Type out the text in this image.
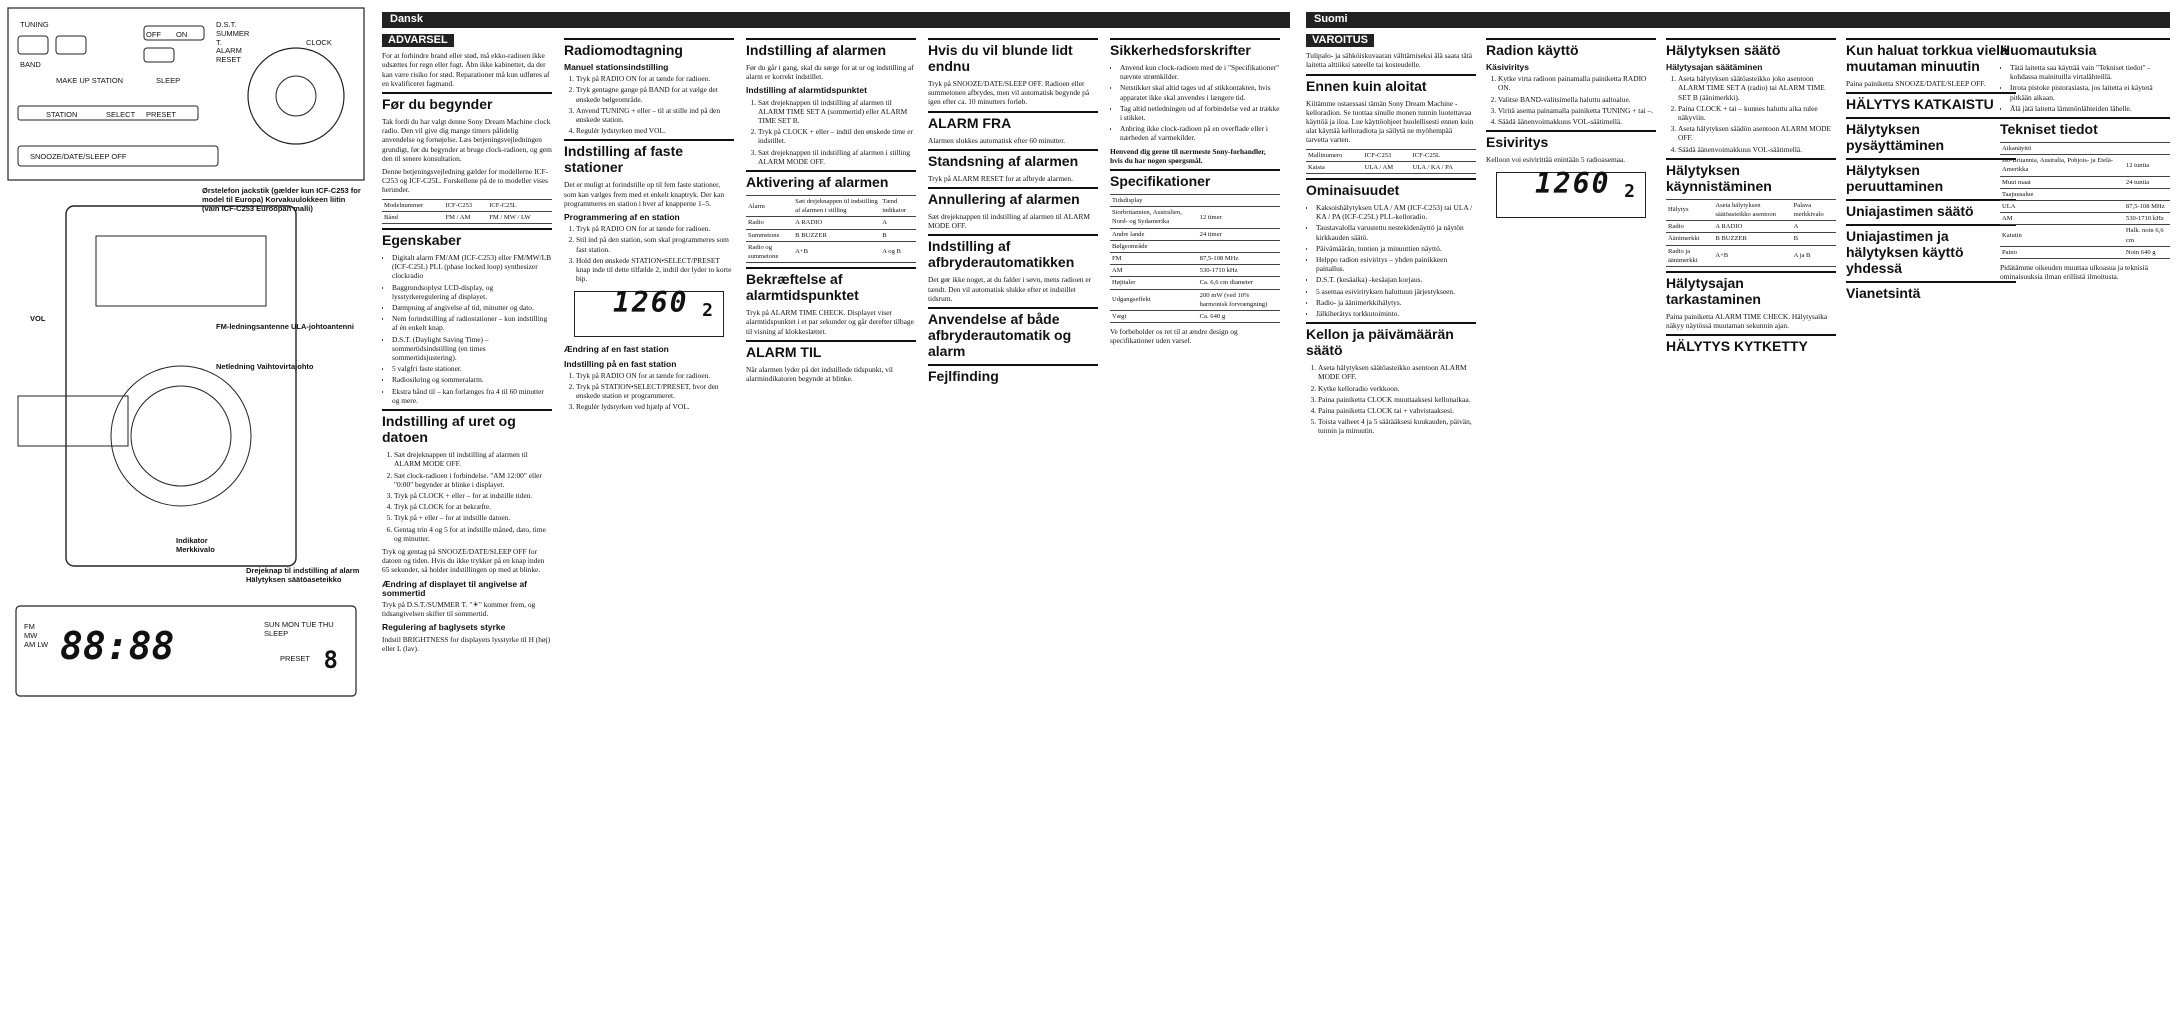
TUNING
OFF ON
D.S.T. SUMMER T.
ALARM RESET
CLOCK
BAND
MAKE UP STATION	SLEEP
STATION	SELECT PRESET
SNOOZE/DATE/SLEEP OFF
Ørstelefon jackstik (gælder kun ICF-C253 for model til Europa) Korvakuulokkeen liitin (vain ICF-C253 Euroopan malli)
VOL
FM-ledningsantenne ULA-johtoantenni
Netledning Vaihtovirtajohto
Indikator Merkkivalo
Drejeknap til indstilling af alarm Hälytyksen säätöaseteikko
FM MW AM LW 88:88	SUN MON TUE THU SLEEP
PRESET 8
Dansk
ADVARSEL

For at forhindre brand eller stød, må ekko-radioen ikke udsættes for regn eller fugt. Åbn ikke kabinettet, da der kan være risiko for stød. Reparationer må kun udføres af en kvalificeret fagmand.

Før du begynder

Tak fordi du har valgt denne Sony Dream Machine clock radio. Den vil give dig mange timers pålidelig anvendelse og fornøjelse. Læs betjeningsvejledningen grundigt, før du begynder at bruge clock-radioen, og gem den til senere konsultation.

Denne betjeningsvejledning gælder for modellerne ICF-C253 og ICF-C25L. Forskellene på de to modeller vises herunder.

Modelnummer	ICF-C253	ICF-C25L
Bånd	FM / AM	FM / MW / LW
Egenskaber
• Digitalt alarm FM/AM (ICF-C253) eller FM/MW/LB (ICF-C25L) PLL (phase locked loop) synthesizer clockradio
• Baggrundsoplyst LCD-display, og lysstyrkeregulering af displayet.
• Dæmpning af angivelse af tid, minutter og dato.
• Nem forindstilling af radiostationer – kun indstilling af én enkelt knap.
• D.S.T. (Daylight Saving Time) – sommertidsindstilling (en times sommertidsjustering).
• 5 valgfri faste stationer.
• Radiosikring og sommeralarm.
• Ekstra bånd til – kan forlænges fra 4 til 60 minutter og mere.
Indstilling af uret og datoen
1. Sæt drejeknappen til indstilling af alarmen til ALARM MODE OFF.
2. Sæt clock-radioen i forbindelse. "AM 12:00" eller "0:00" begynder at blinke i displayet.
3. Tryk på CLOCK + eller – for at indstille tiden.
4. Tryk på CLOCK for at bekræfte.
5. Tryk på + eller – for at indstille datoen.
6. Gentag trin 4 og 5 for at indstille måned, dato, time og minutter.

Tryk og gentag på SNOOZE/DATE/SLEEP OFF for datoen og tiden. Hvis du ikke trykker på en knap inden 65 sekunder, så holder indstillingen op med at blinke.

Ændring af displayet til angivelse af sommertid

Tryk på D.S.T./SUMMER T. "☀" kommer frem, og tidsangivelsen skifter til sommertid.

Regulering af baglysets styrke

Indstil BRIGHTNESS for displayets lysstyrke til H (høj) eller L (lav).

Radiomodtagning
Manuel stationsindstilling
1. Tryk på RADIO ON for at tænde for radioen.
2. Tryk gentagne gange på BAND for at vælge det ønskede bølgeområde.
3. Anvend TUNING + eller – til at stille ind på den ønskede station.
4. Regulér lydstyrken med VOL.
Indstilling af faste stationer

Det er muligt at forindstille op til fem faste stationer, som kan vælges frem med et enkelt knaptryk. Der kan programmeres en station i hver af knapperne 1–5.

Programmering af en station
1. Tryk på RADIO ON for at tænde for radioen.
2. Stil ind på den station, som skal programmeres som fast station.
3. Hold den ønskede STATION•SELECT/PRESET knap inde til dette tilfælde 2, indtil der lyder to korte bip.
1260 2
Ændring af en fast station
Indstilling på en fast station
1. Tryk på RADIO ON for at tænde for radioen.
2. Tryk på STATION•SELECT/PRESET, hvor den ønskede station er programmeret.
3. Regulér lydstyrken ved hjælp af VOL.
Indstilling af alarmen

Før du går i gang, skal du sørge for at ur og indstilling af alarm er korrekt indstillet.

Indstilling af alarmtidspunktet
1. Sæt drejeknappen til indstilling af alarmen til ALARM TIME SET A (sommertid) eller ALARM TIME SET B.
2. Tryk på CLOCK + eller – indtil den ønskede time er indstillet.
3. Sæt drejeknappen til indstilling af alarmen i stilling ALARM MODE OFF.
Aktivering af alarmen
Alarm	Sæt drejeknappen til indstilling af alarmen i stilling	Tænd indikator
Radio	A RADIO	A
Summetone	B BUZZER	B
Radio og summetone	A+B	A og B
Bekræftelse af alarmtidspunktet

Tryk på ALARM TIME CHECK. Displayet viser alarmtidspunktet i et par sekunder og går derefter tilbage til visning af klokkeslættet.

ALARM TIL

Når alarmen lyder på det indstillede tidspunkt, vil alarmindikatoren begynde at blinke.

Hvis du vil blunde lidt endnu

Tryk på SNOOZE/DATE/SLEEP OFF. Radioen eller summetonen afbrydes, men vil automatisk begynde på igen efter ca. 10 minutters forløb.

ALARM FRA

Alarmen slukkes automatisk efter 60 minutter.

Standsning af alarmen

Tryk på ALARM RESET for at afbryde alarmen.

Annullering af alarmen

Sæt drejeknappen til indstilling af alarmen til ALARM MODE OFF.

Indstilling af afbryderautomatikken

Det gør ikke noget, at du falder i søvn, mens radioen er tændt. Den vil automatisk slukke efter et indstillet tidsrum.

Anvendelse af både afbryderautomatik og alarm
Fejlfinding
Sikkerhedsforskrifter
• Anvend kun clock-radioen med de i "Specifikationer" nævnte strømkilder.
• Netstikket skal altid tages ud af stikkontakten, hvis apparatet ikke skal anvendes i længere tid.
• Tag altid netledningen ud af forbindelse ved at trække i stikket.
• Anbring ikke clock-radioen på en overflade eller i nærheden af varmekilder.

Henvend dig gerne til nærmeste Sony-forhandler, hvis du har nogen spørgsmål.

Specifikationer
Tidsdisplay	
Storbritannien, Australien, Nord- og Sydamerika	12 timer
Andre lande	24 timer
Bølgeområde	
FM	87,5-108 MHz
AM	530-1710 kHz
Højttaler	Ca. 6,6 cm diameter
Udgangseffekt	200 mW (ved 10% harmonisk forvrængning)
Vægt	Ca. 640 g

Ve forbeholder os ret til at ændre design og specifikationer uden varsel.

Suomi
VAROITUS

Tulipalo- ja sähköiskuvaaran välttämiseksi älä saata tätä laitetta alttiiksi sateelle tai kosteudelle.

Ennen kuin aloitat

Kiitämme ostaessasi tämän Sony Dream Machine -kelloradion. Se tuottaa sinulle monen tunnin luotettavaa käyttöä ja iloa. Lue käyttöohjeet huolellisesti ennen kuin alat käyttää kelloradiota ja säilytä ne myöhempää tarvetta varten.

Mallinumero	ICF-C253	ICF-C25L
Kaista	ULA / AM	ULA / KA / PA
Ominaisuudet
• Kaksoishälytyksen ULA / AM (ICF-C253) tai ULA / KA / PA (ICF-C25L) PLL-kelloradio.
• Taustavalolla varustettu nestekidenäyttö ja näytön kirkkauden säätö.
• Päivämäärän, tuntien ja minuuttien näyttö.
• Helppo radion esiviritys – yhden painikkeen painallus.
• D.S.T. (kesäaika) -kesäajan korjaus.
• 5 asemaa esivirityksen haluttuun järjestykseen.
• Radio- ja äänimerkkihälytys.
• Jälkiherätys torkkutoiminto.
Kellon ja päivämäärän säätö
1. Aseta hälytyksen säätöasteikko asentoon ALARM MODE OFF.
2. Kytke kelloradio verkkoon.
3. Paina painiketta CLOCK muuttaaksesi kellonaikaa.
4. Paina painiketta CLOCK tai + vahvistaaksesi.
5. Toista vaiheet 4 ja 5 säätääksesi kuukauden, päivän, tunnin ja minuutin.
Radion käyttö
Käsiviritys
1. Kytke virta radioon painamalla painiketta RADIO ON.
2. Valitse BAND-valitsimella haluttu aaltoalue.
3. Viritä asema painamalla painiketta TUNING + tai –.
4. Säädä äänenvoimakkuus VOL-säätimellä.
Esiviritys

Kelloon voi esivirittää enintään 5 radioasemaa.

1260 2
Hälytyksen säätö
Hälytysajan säätäminen
1. Aseta hälytyksen säätöasteikko joko asentoon ALARM TIME SET A (radio) tai ALARM TIME SET B (äänimerkki).
2. Paina CLOCK + tai – kunnes haluttu aika tulee näkyviin.
3. Aseta hälytyksen säädön asentoon ALARM MODE OFF.
4. Säädä äänenvoimakkuus VOL-säätimellä.
Hälytyksen käynnistäminen
Hälytys	Aseta hälytyksen säätöasteikko asentoon	Palava merkkivalo
Radio	A RADIO	A
Äänimerkki	B BUZZER	B
Radio ja äänimerkki	A+B	A ja B
Hälytysajan tarkastaminen

Paina painiketta ALARM TIME CHECK. Hälytysaika näkyy näytössä muutaman sekunnin ajan.

HÄLYTYS KYTKETTY
Kun haluat torkkua vielä muutaman minuutin

Paina painiketta SNOOZE/DATE/SLEEP OFF.

HÄLYTYS KATKAISTU
Hälytyksen pysäyttäminen
Hälytyksen peruuttaminen
Uniajastimen säätö
Uniajastimen ja hälytyksen käyttö yhdessä
Vianetsintä
Huomautuksia
• Tätä laitetta saa käyttää vain "Tekniset tiedot" -kohdassa mainituilla virtalähteillä.
• Irrota pistoke pistorasiasta, jos laitetta ei käytetä pitkään aikaan.
• Älä jätä laitetta lämmönlähteiden lähelle.
Tekniset tiedot
Aikanäyttö	
Iso-Britannia, Australia, Pohjois- ja Etelä-Amerikka	12 tuntia
Muut maat	24 tuntia
Taajuusalue	
ULA	87,5-108 MHz
AM	530-1710 kHz
Kaiutin	Halk. noin 6,6 cm
Paino	Noin 640 g

Pidätämme oikeuden muuttaa ulkoasua ja teknisiä ominaisuuksia ilman erillistä ilmoitusta.
